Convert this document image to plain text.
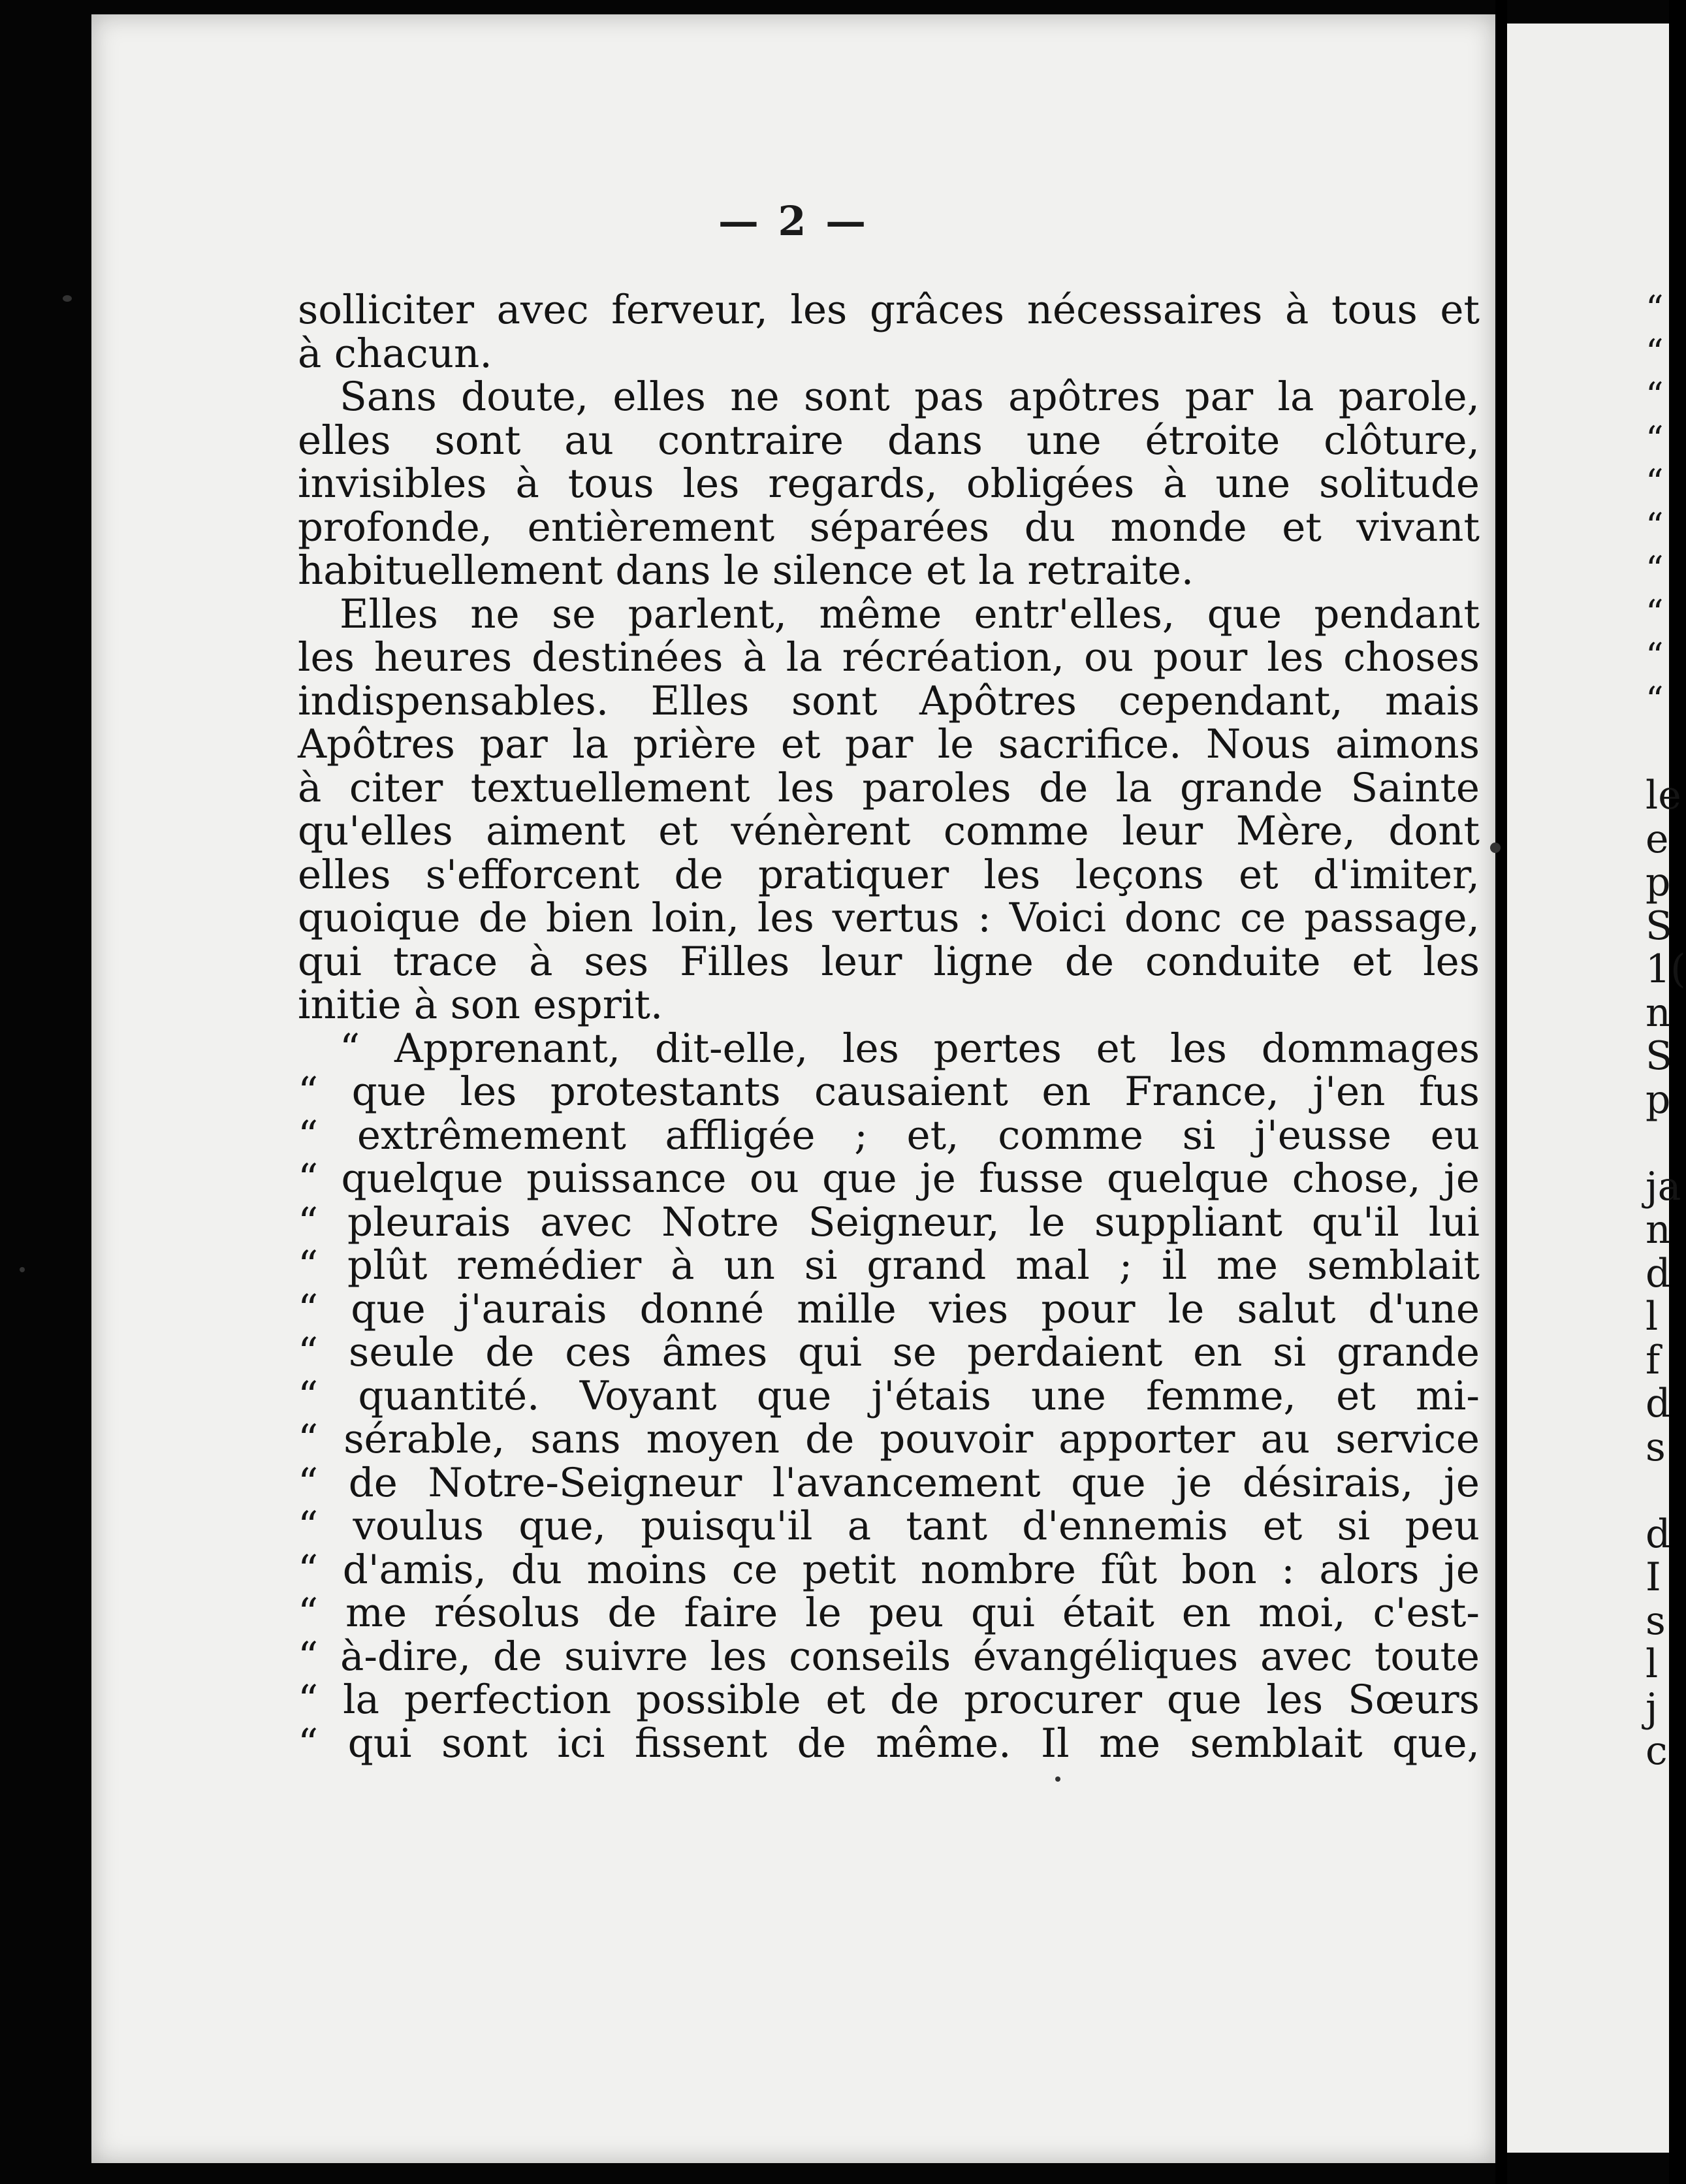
— 2 —
solliciter avec ferveur, les grâces nécessaires à tous et
à chacun.
Sans doute, elles ne sont pas apôtres par la parole,
elles sont au contraire dans une étroite clôture,
invisibles à tous les regards, obligées à une solitude
profonde, entièrement séparées du monde et vivant
habituellement dans le silence et la retraite.
Elles ne se parlent, même entr'elles, que pendant
les heures destinées à la récréation, ou pour les choses
indispensables. Elles sont Apôtres cependant, mais
Apôtres par la prière et par le sacrifice. Nous aimons
à citer textuellement les paroles de la grande Sainte
qu'elles aiment et vénèrent comme leur Mère, dont
elles s'efforcent de pratiquer les leçons et d'imiter,
quoique de bien loin, les vertus : Voici donc ce passage,
qui trace à ses Filles leur ligne de conduite et les
initie à son esprit.
“ Apprenant, dit-elle, les pertes et les dommages
“ que les protestants causaient en France, j'en fus
“ extrêmement affligée ; et, comme si j'eusse eu
“ quelque puissance ou que je fusse quelque chose, je
“ pleurais avec Notre Seigneur, le suppliant qu'il lui
“ plût remédier à un si grand mal ; il me semblait
“ que j'aurais donné mille vies pour le salut d'une
“ seule de ces âmes qui se perdaient en si grande
“ quantité. Voyant que j'étais une femme, et mi-
“ sérable, sans moyen de pouvoir apporter au service
“ de Notre-Seigneur l'avancement que je désirais, je
“ voulus que, puisqu'il a tant d'ennemis et si peu
“ d'amis, du moins ce petit nombre fût bon : alors je
“ me résolus de faire le peu qui était en moi, c'est-
“ à-dire, de suivre les conseils évangéliques avec toute
“ la perfection possible et de procurer que les Sœurs
“ qui sont ici fissent de même. Il me semblait que,
“
“
“
“
“
“
“
“
“
“
le
e
p
S
1(
n
S
p
ja
n
d
l
f
d
s
d
I
s
l
j
c
